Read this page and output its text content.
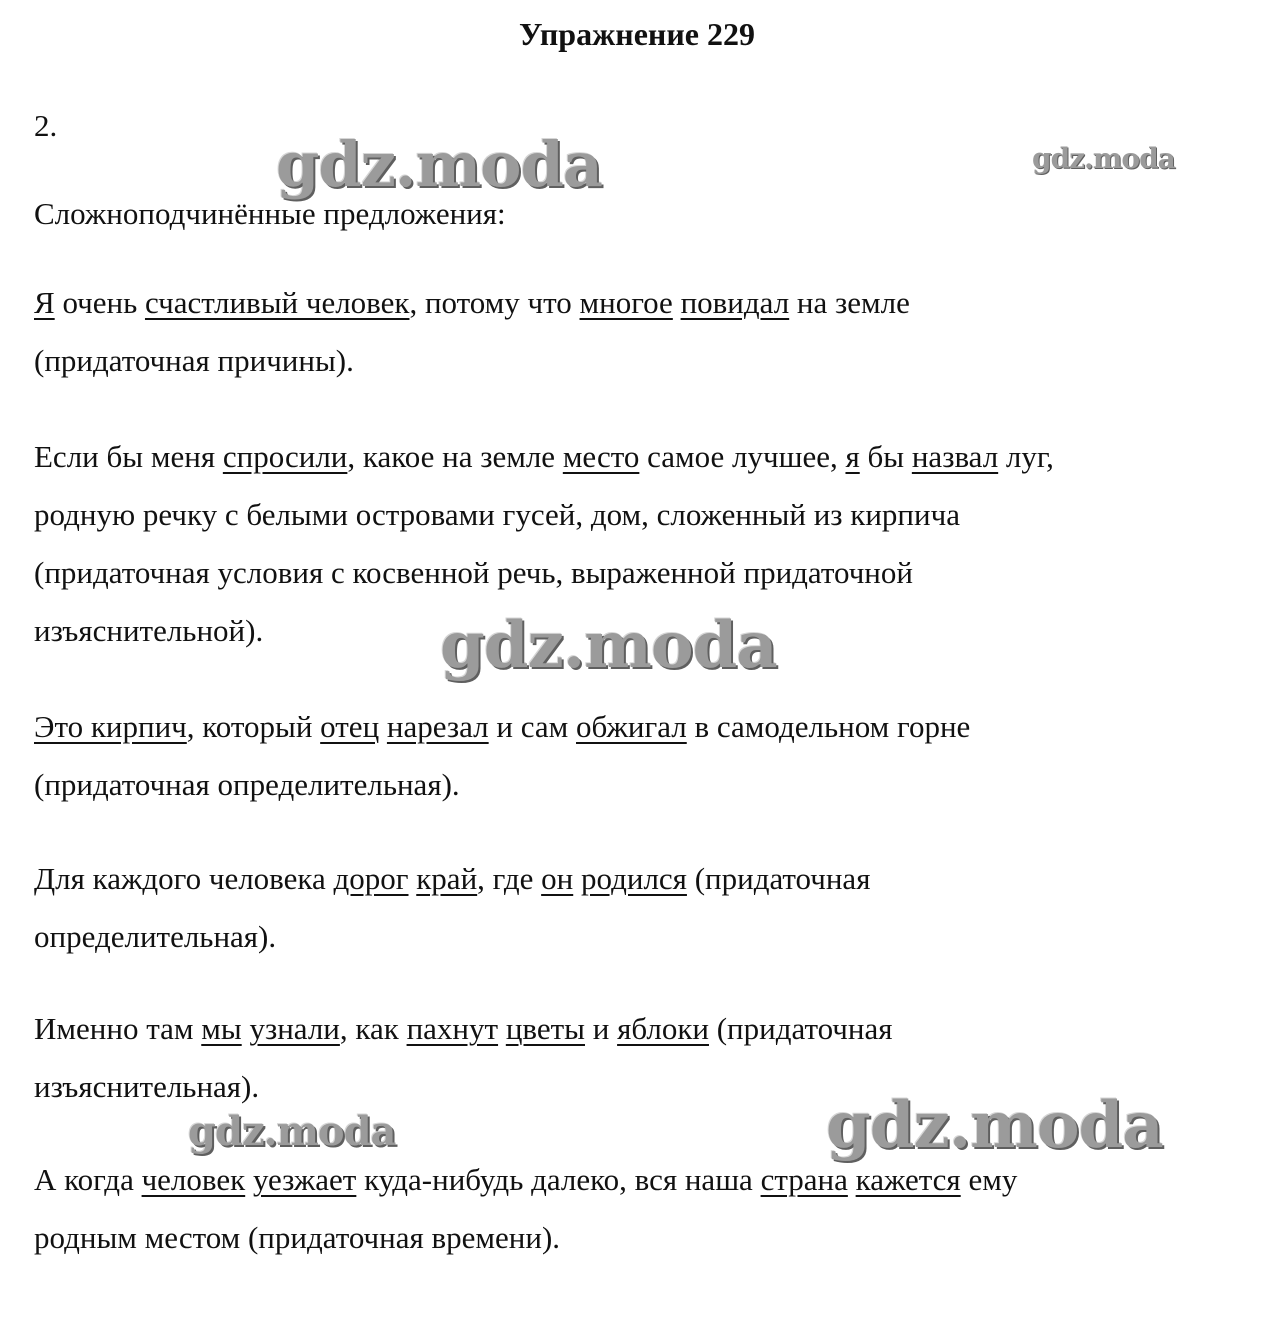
Упражнение 229
2.
Сложноподчинённые предложения:
Я очень счастливый человек, потому что многое повидал на земле
(придаточная причины).
Если бы меня спросили, какое на земле место самое лучшее, я бы назвал луг,
родную речку с белыми островами гусей, дом, сложенный из кирпича
(придаточная условия с косвенной речь, выраженной придаточной
изъяснительной).
Это кирпич, который отец нарезал и сам обжигал в самодельном горне
(придаточная определительная).
Для каждого человека дорог край, где он родился (придаточная
определительная).
Именно там мы узнали, как пахнут цветы и яблоки (придаточная
изъяснительная).
А когда человек уезжает куда-нибудь далеко, вся наша страна кажется ему
родным местом (придаточная времени).
gdz.moda	gdz.moda
gdz.moda
gdz.moda	gdz.moda
